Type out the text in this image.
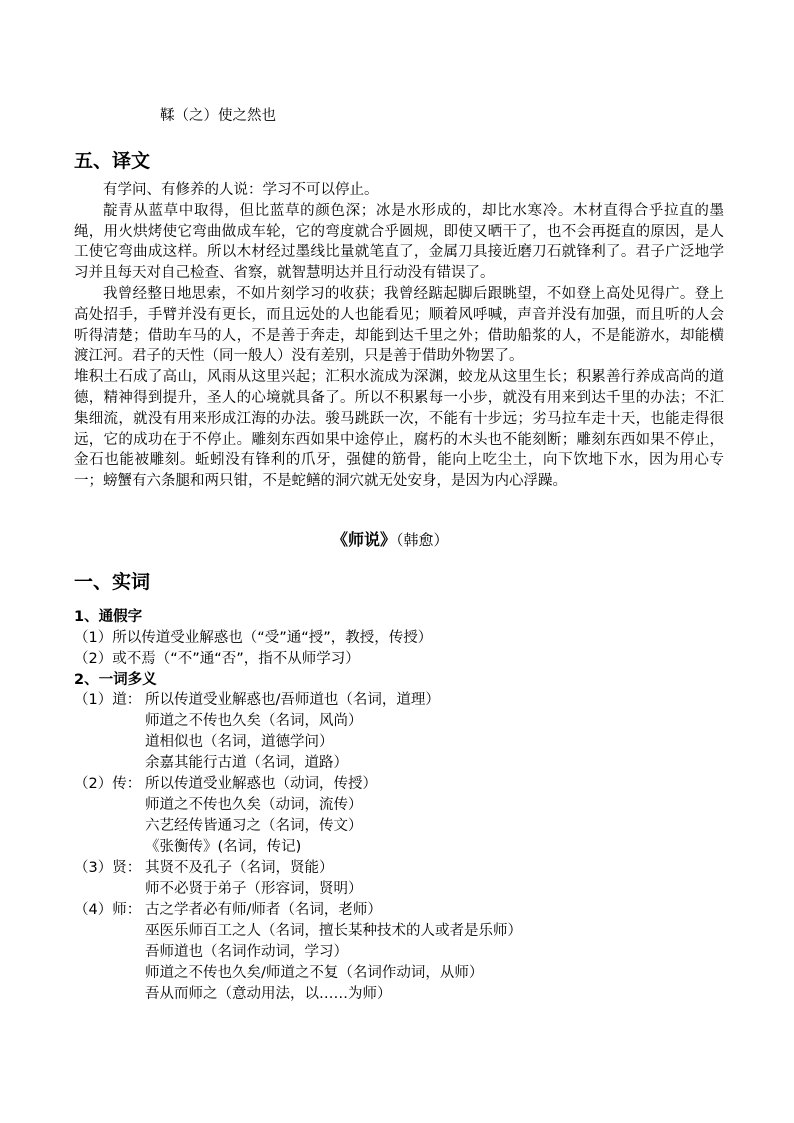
鞣（之）使之然也
五、译文

有学问、有修养的人说：学习不可以停止。

靛青从蓝草中取得，但比蓝草的颜色深；冰是水形成的，却比水寒冷。木材直得合乎拉直的墨绳，用火烘烤使它弯曲做成车轮，它的弯度就合乎圆规，即使又晒干了，也不会再挺直的原因，是人工使它弯曲成这样。所以木材经过墨线比量就笔直了，金属刀具接近磨刀石就锋利了。君子广泛地学习并且每天对自己检查、省察，就智慧明达并且行动没有错误了。

我曾经整日地思索，不如片刻学习的收获；我曾经踮起脚后跟眺望，不如登上高处见得广。登上高处招手，手臂并没有更长，而且远处的人也能看见；顺着风呼喊，声音并没有加强，而且听的人会听得清楚；借助车马的人，不是善于奔走，却能到达千里之外；借助船浆的人，不是能游水，却能横渡江河。君子的天性（同一般人）没有差别，只是善于借助外物罢了。

堆积土石成了高山，风雨从这里兴起；汇积水流成为深渊，蛟龙从这里生长；积累善行养成高尚的道德，精神得到提升，圣人的心境就具备了。所以不积累每一小步，就没有用来到达千里的办法；不汇集细流，就没有用来形成江海的办法。骏马跳跃一次，不能有十步远；劣马拉车走十天，也能走得很远，它的成功在于不停止。雕刻东西如果中途停止，腐朽的木头也不能刻断；雕刻东西如果不停止，金石也能被雕刻。蚯蚓没有锋利的爪牙，强健的筋骨，能向上吃尘土，向下饮地下水，因为用心专一；螃蟹有六条腿和两只钳，不是蛇鳝的洞穴就无处安身，是因为内心浮躁。

《师说》（韩愈）
一、实词
1、通假字
（1）所以传道受业解惑也（“受”通“授”，教授，传授）
（2）或不焉（“不”通“否”，指不从师学习）
2、一词多义
（1）道： 所以传道受业解惑也/吾师道也（名词，道理）
师道之不传也久矣（名词，风尚）
道相似也（名词，道德学问）
余嘉其能行古道（名词，道路）
（2）传： 所以传道受业解惑也（动词，传授）
师道之不传也久矣（动词，流传）
六艺经传皆通习之（名词，传文）
《张衡传》(名词，传记)
（3）贤： 其贤不及孔子（名词，贤能）
师不必贤于弟子（形容词，贤明）
（4）师： 古之学者必有师/师者（名词，老师）
巫医乐师百工之人（名词，擅长某种技术的人或者是乐师）
吾师道也（名词作动词，学习）
师道之不传也久矣/师道之不复（名词作动词，从师）
吾从而师之（意动用法，以……为师）
